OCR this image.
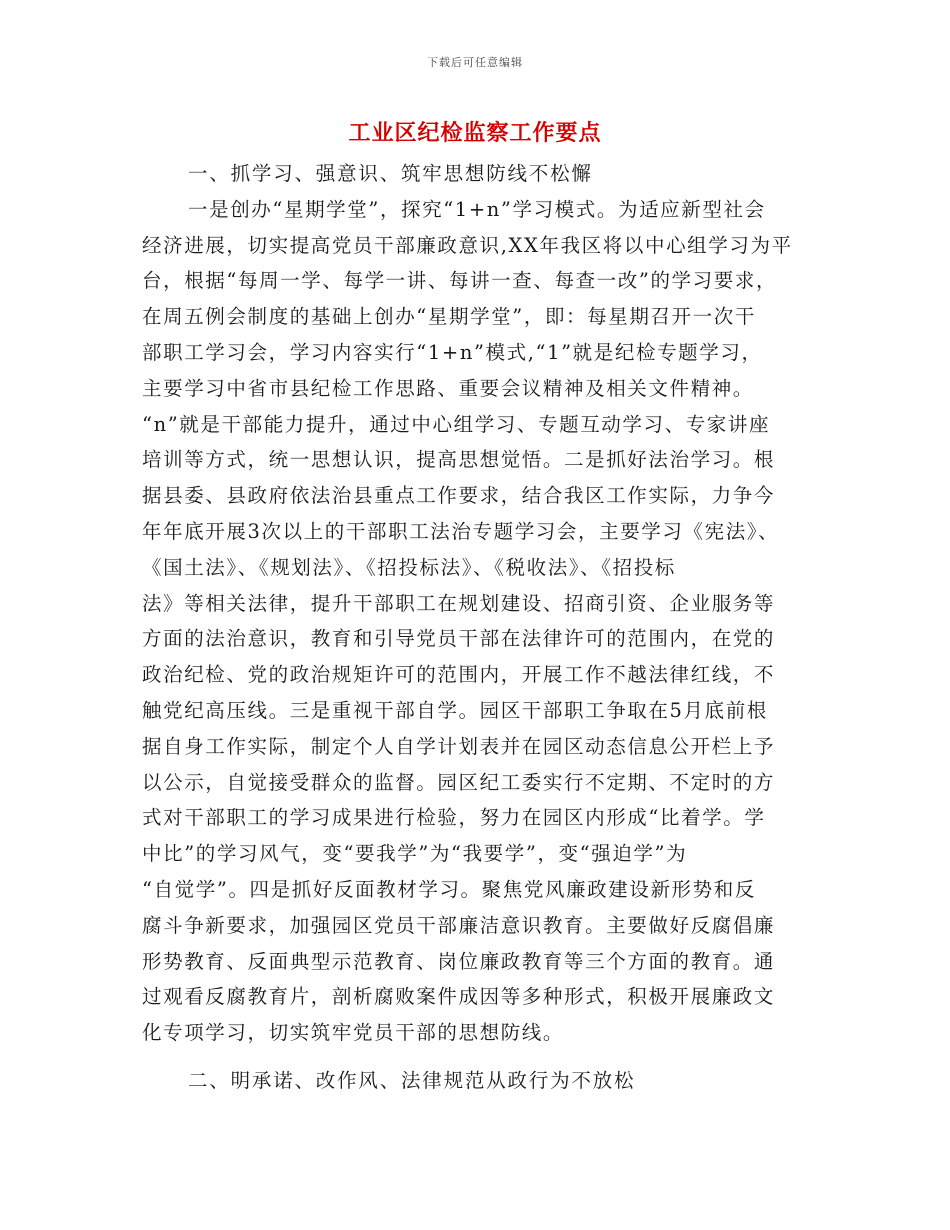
下载后可任意编辑
工业区纪检监察工作要点
一、抓学习、强意识、筑牢思想防线不松懈
一是创办“星期学堂”，探究“1+n”学习模式。为适应新型社会
经济进展，切实提高党员干部廉政意识,XX年我区将以中心组学习为平
台，根据“每周一学、每学一讲、每讲一查、每查一改”的学习要求，
在周五例会制度的基础上创办“星期学堂”，即：每星期召开一次干
部职工学习会，学习内容实行“1+n”模式,“1”就是纪检专题学习，
主要学习中省市县纪检工作思路、重要会议精神及相关文件精神。
“n”就是干部能力提升，通过中心组学习、专题互动学习、专家讲座
培训等方式，统一思想认识，提高思想觉悟。二是抓好法治学习。根
据县委、县政府依法治县重点工作要求，结合我区工作实际，力争今
年年底开展3次以上的干部职工法治专题学习会，主要学习《宪法》、
《国土法》、《规划法》、《招投标法》、《税收法》、《招投标
法》等相关法律，提升干部职工在规划建设、招商引资、企业服务等
方面的法治意识，教育和引导党员干部在法律许可的范围内，在党的
政治纪检、党的政治规矩许可的范围内，开展工作不越法律红线，不
触党纪高压线。三是重视干部自学。园区干部职工争取在5月底前根
据自身工作实际，制定个人自学计划表并在园区动态信息公开栏上予
以公示，自觉接受群众的监督。园区纪工委实行不定期、不定时的方
式对干部职工的学习成果进行检验，努力在园区内形成“比着学。学
中比”的学习风气，变“要我学”为“我要学”，变“强迫学”为
“自觉学”。四是抓好反面教材学习。聚焦党风廉政建设新形势和反
腐斗争新要求，加强园区党员干部廉洁意识教育。主要做好反腐倡廉
形势教育、反面典型示范教育、岗位廉政教育等三个方面的教育。通
过观看反腐教育片，剖析腐败案件成因等多种形式，积极开展廉政文
化专项学习，切实筑牢党员干部的思想防线。
二、明承诺、改作风、法律规范从政行为不放松
